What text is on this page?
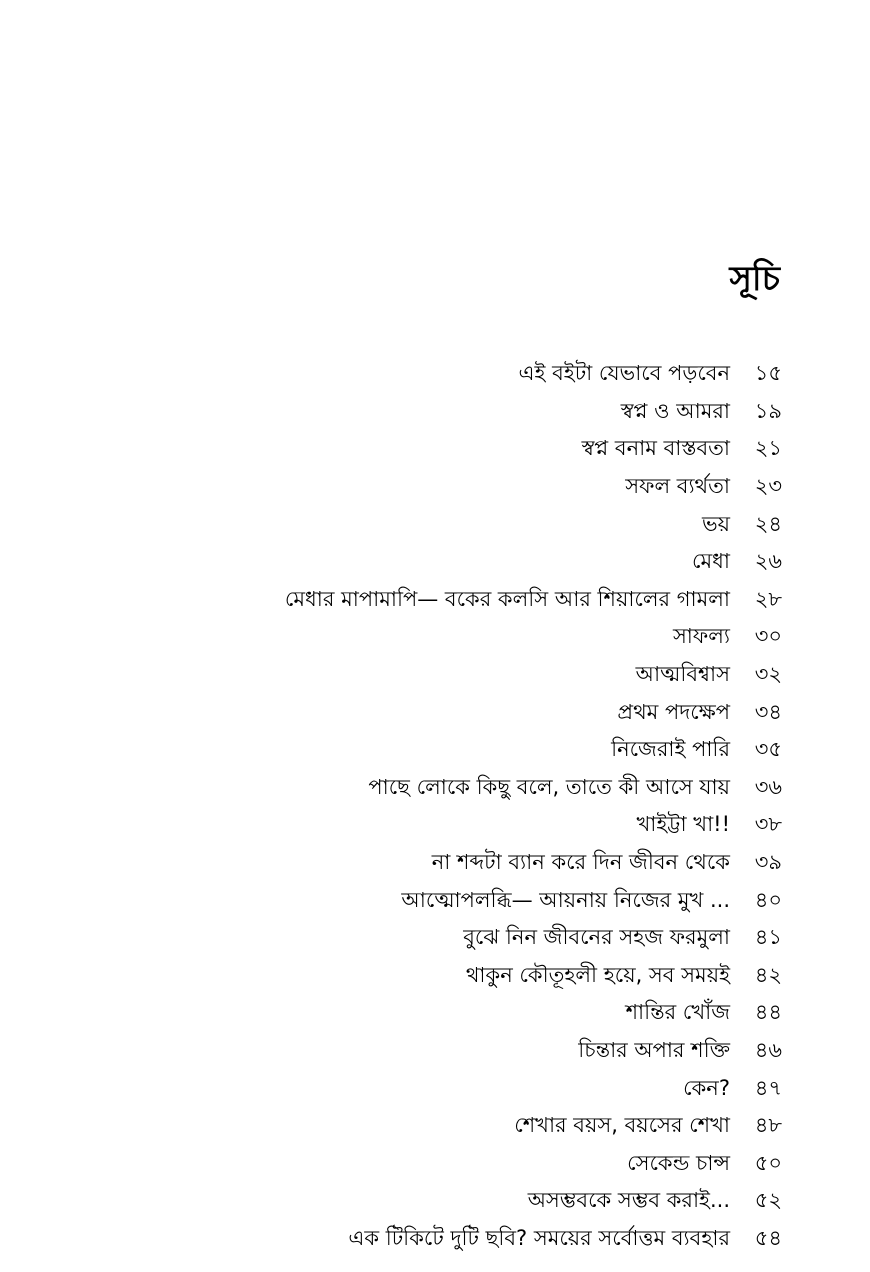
সূচি
এই বইটা যেভাবে পড়বেন	১৫
স্বপ্ন ও আমরা	১৯
স্বপ্ন বনাম বাস্তবতা	২১
সফল ব্যর্থতা	২৩
ভয়	২৪
মেধা	২৬
মেধার মাপামাপি— বকের কলসি আর শিয়ালের গামলা	২৮
সাফল্য	৩০
আত্মবিশ্বাস	৩২
প্রথম পদক্ষেপ	৩৪
নিজেরাই পারি	৩৫
পাছে লোকে কিছু বলে, তাতে কী আসে যায়	৩৬
খাইট্টা খা!!	৩৮
না শব্দটা ব্যান করে দিন জীবন থেকে	৩৯
আত্মোপলব্ধি— আয়নায় নিজের মুখ ...	৪০
বুঝে নিন জীবনের সহজ ফরমুলা	৪১
থাকুন কৌতূহলী হয়ে, সব সময়ই	৪২
শান্তির খোঁজ	৪৪
চিন্তার অপার শক্তি	৪৬
কেন?	৪৭
শেখার বয়স, বয়সের শেখা	৪৮
সেকেন্ড চান্স	৫০
অসম্ভবকে সম্ভব করাই...	৫২
এক টিকিটে দুটি ছবি? সময়ের সর্বোত্তম ব্যবহার	৫৪
